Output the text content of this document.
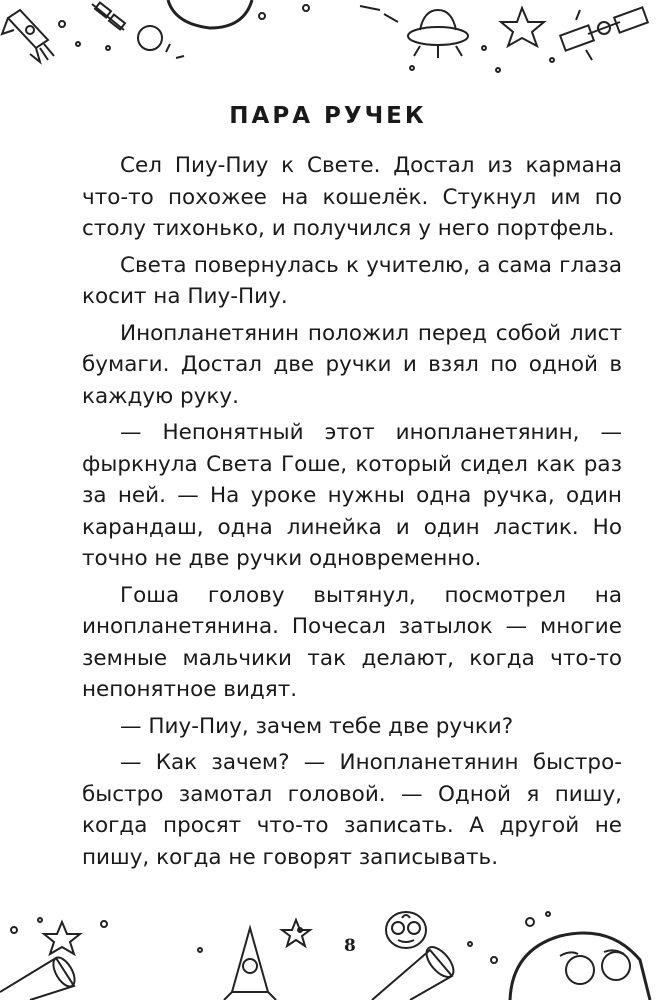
ПАРА РУЧЕК

Сел Пиу-Пиу к Свете. Достал из кармана что-то похожее на кошелёк. Стукнул им по столу тихонько, и получился у него портфель.

Света повернулась к учителю, а сама глаза косит на Пиу-Пиу.

Инопланетянин положил перед собой лист бумаги. Достал две ручки и взял по одной в каждую руку.

— Непонятный этот инопланетянин, — фыркнула Света Гоше, который сидел как раз за ней. — На уроке нужны одна ручка, один карандаш, одна линейка и один ластик. Но точно не две ручки одновременно.

Гоша голову вытянул, посмотрел на инопланетянина. Почесал затылок — многие земные мальчики так делают, когда что-то непонятное видят.

— Пиу-Пиу, зачем тебе две ручки?

— Как зачем? — Инопланетянин быстро-быстро замотал головой. — Одной я пишу, когда просят что-то записать. А другой не пишу, когда не говорят записывать.

8
